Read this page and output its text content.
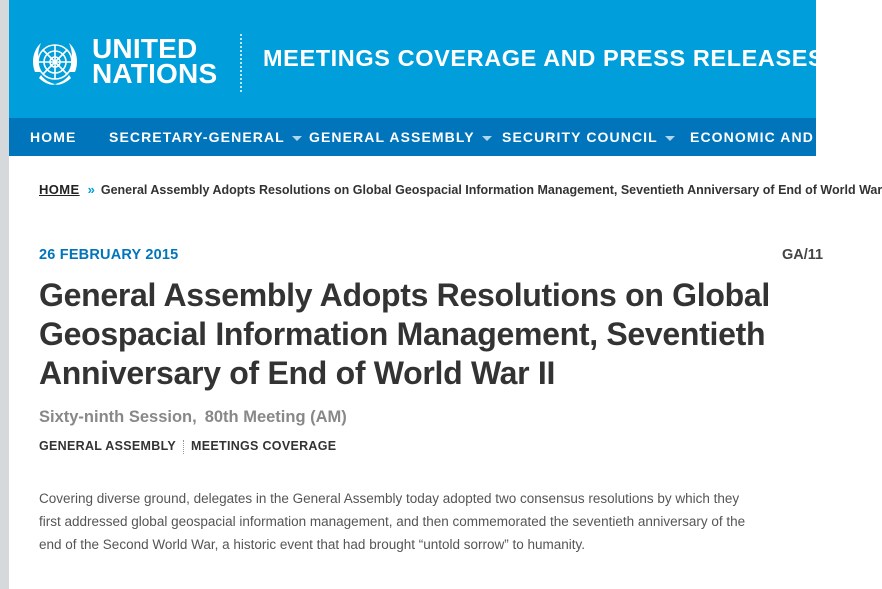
UNITED
NATIONS MEETINGS COVERAGE AND PRESS RELEASES
HOME SECRETARY-GENERAL	GENERAL ASSEMBLY	SECURITY COUNCIL	ECONOMIC AND SC
HOME » General Assembly Adopts Resolutions on Global Geospacial Information Management, Seventieth Anniversary of End of World War
26 FEBRUARY 2015	GA/11
General Assembly Adopts Resolutions on Global Geospacial Information Management, Seventieth Anniversary of End of World War II
Sixty-ninth Session, 80th Meeting (AM)
GENERAL ASSEMBLY MEETINGS COVERAGE

Covering diverse ground, delegates in the General Assembly today adopted two consensus resolutions by which they first addressed global geospacial information management, and then commemorated the seventieth anniversary of the end of the Second World War, a historic event that had brought “untold sorrow” to humanity.
